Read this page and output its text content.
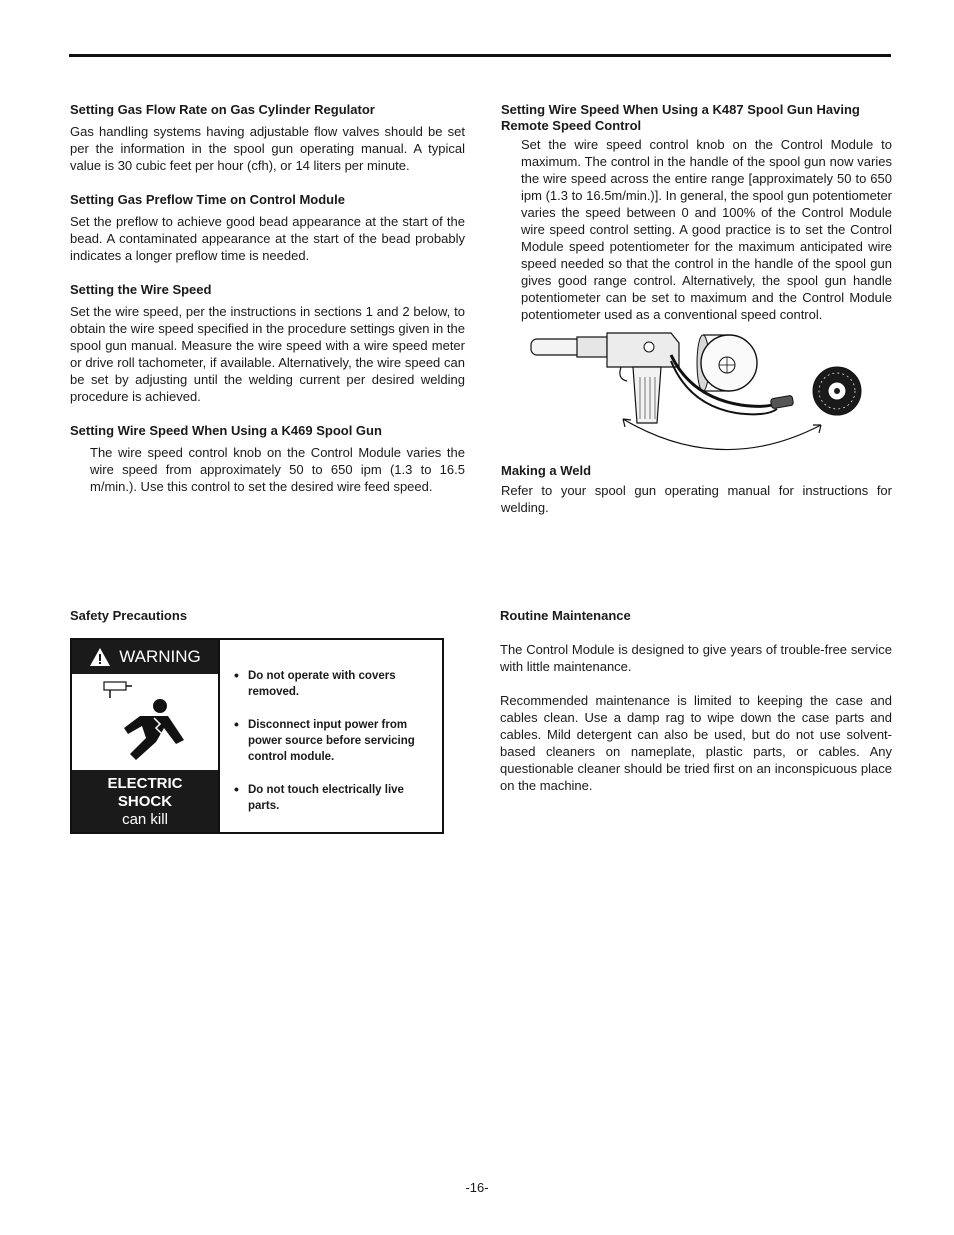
Setting Gas Flow Rate on Gas Cylinder Regulator

Gas handling systems having adjustable flow valves should be set per the information in the spool gun operating manual. A typical value is 30 cubic feet per hour (cfh), or 14 liters per minute.

Setting Gas Preflow Time on Control Module

Set the preflow to achieve good bead appearance at the start of the bead. A contaminated appearance at the start of the bead probably indicates a longer preflow time is needed.

Setting the Wire Speed

Set the wire speed, per the instructions in sections 1 and 2 below, to obtain the wire speed specified in the procedure settings given in the spool gun manual. Measure the wire speed with a wire speed meter or drive roll tachometer, if available. Alternatively, the wire speed can be set by adjusting until the welding current per desired welding procedure is achieved.

Setting Wire Speed When Using a K469 Spool Gun

The wire speed control knob on the Control Module varies the wire speed from approximately 50 to 650 ipm (1.3 to 16.5 m/min.). Use this control to set the desired wire feed speed.

Setting Wire Speed When Using a K487 Spool Gun Having Remote Speed Control

Set the wire speed control knob on the Control Module to maximum. The control in the handle of the spool gun now varies the wire speed across the entire range [approximately 50 to 650 ipm (1.3 to 16.5m/min.)]. In general, the spool gun potentiometer varies the speed between 0 and 100% of the Control Module wire speed control setting. A good practice is to set the Control Module speed potentiometer for the maximum anticipated wire speed needed so that the control in the handle of the spool gun gives good range control. Alternatively, the spool gun handle potentiometer can be set to maximum and the Control Module potentiometer used as a conventional speed control.

Making a Weld

Refer to your spool gun operating manual for instructions for welding.

Safety Precautions
WARNING
ELECTRIC
SHOCK
can kill
• Do not operate with covers removed.
• Disconnect input power from power source before servicing control module.
• Do not touch electrically live parts.
Routine Maintenance

The Control Module is designed to give years of trouble-free service with little maintenance.

Recommended maintenance is limited to keeping the case and cables clean. Use a damp rag to wipe down the case parts and cables. Mild detergent can also be used, but do not use solvent-based cleaners on nameplate, plastic parts, or cables. Any questionable cleaner should be tried first on an inconspicuous place on the machine.

-16-
